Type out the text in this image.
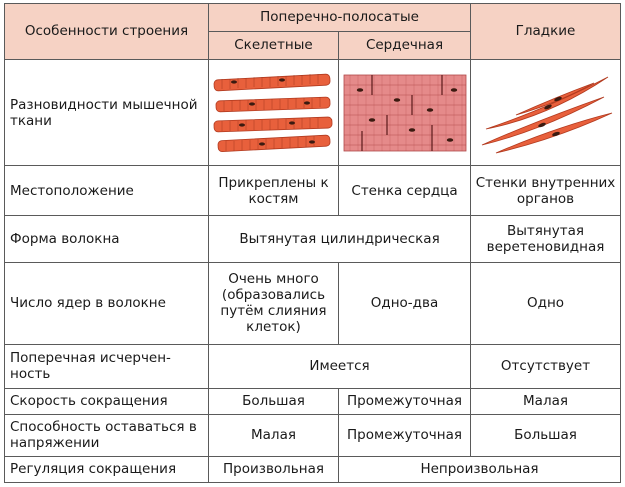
Особенности строения	Поперечно-полосатые		Гладкие
	Скелетные	Сердечная	
Разновидности мышечной ткани	

Местоположение	Прикреплены к костям	Стенка сердца	Стенки внутренних органов
Форма волокна	Вытянутая цилиндрическая		Вытянутая веретеновидная
Число ядер в волокне	Очень много (образовались путём слияния клеток)	Одно-два	Одно
Поперечная исчерчен-ность	Имеется		Отсутствует
Скорость сокращения	Большая	Промежуточная	Малая
Способность оставаться в напряжении	Малая	Промежуточная	Большая
Регуляция сокращения	Произвольная	Непроизвольная	
